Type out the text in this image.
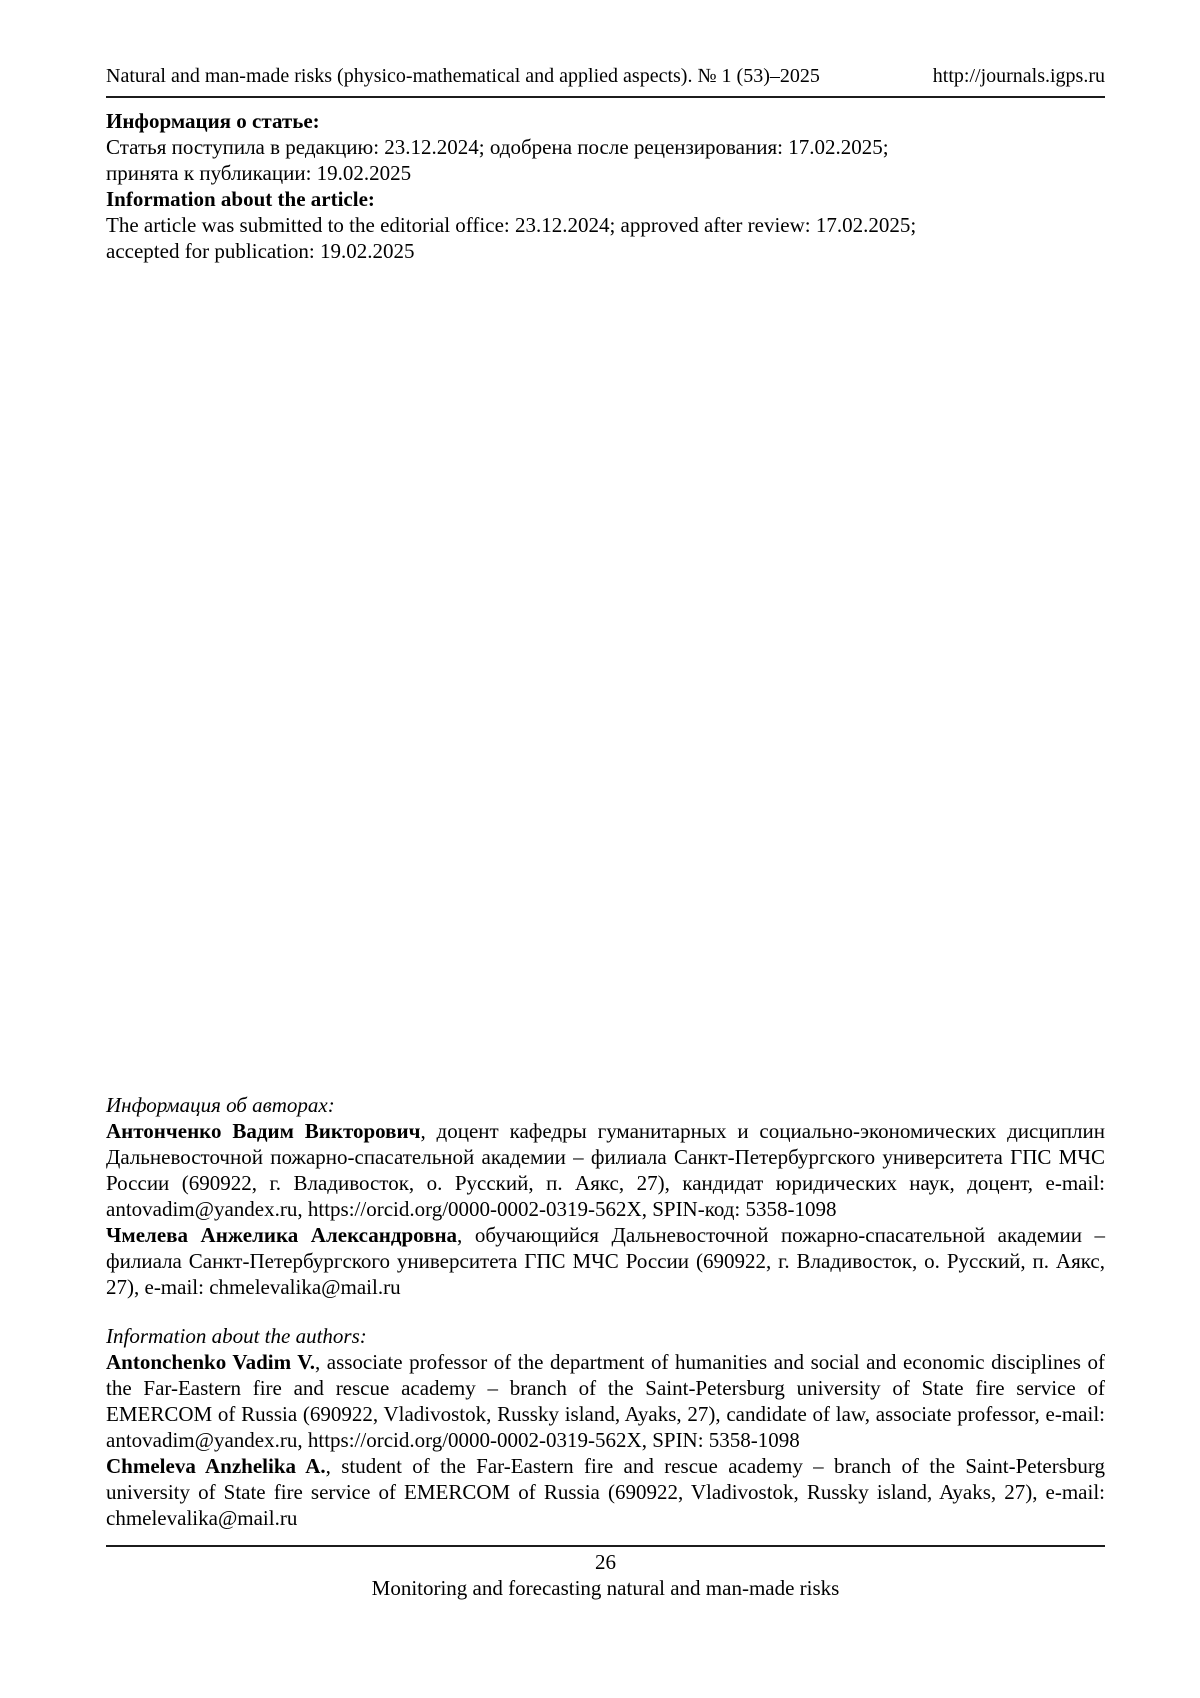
Natural and man-made risks (physico-mathematical and applied aspects). № 1 (53)–2025	http://journals.igps.ru
Информация о статье:
Статья поступила в редакцию: 23.12.2024; одобрена после рецензирования: 17.02.2025;
принята к публикации: 19.02.2025
Information about the article:
The article was submitted to the editorial office: 23.12.2024; approved after review: 17.02.2025;
accepted for publication: 19.02.2025
Информация об авторах:

Антонченко Вадим Викторович, доцент кафедры гуманитарных и социально-экономических дисциплин Дальневосточной пожарно-спасательной академии – филиала Санкт-Петербургского университета ГПС МЧС России (690922, г. Владивосток, о. Русский, п. Аякс, 27), кандидат юридических наук, доцент, e-mail: antovadim@yandex.ru, https://orcid.org/0000-0002-0319-562X, SPIN-код: 5358-1098

Чмелева Анжелика Александровна, обучающийся Дальневосточной пожарно-спасательной академии – филиала Санкт-Петербургского университета ГПС МЧС России (690922, г. Владивосток, о. Русский, п. Аякс, 27), e-mail: chmelevalika@mail.ru

Information about the authors:

Antonchenko Vadim V., associate professor of the department of humanities and social and economic disciplines of the Far-Eastern fire and rescue academy – branch of the Saint-Petersburg university of State fire service of EMERCOM of Russia (690922, Vladivostok, Russky island, Ayaks, 27), candidate of law, associate professor, e-mail: antovadim@yandex.ru, https://orcid.org/0000-0002-0319-562X, SPIN: 5358-1098

Chmeleva Anzhelika A., student of the Far-Eastern fire and rescue academy – branch of the Saint-Petersburg university of State fire service of EMERCOM of Russia (690922, Vladivostok, Russky island, Ayaks, 27), e-mail: chmelevalika@mail.ru

26
Monitoring and forecasting natural and man-made risks
